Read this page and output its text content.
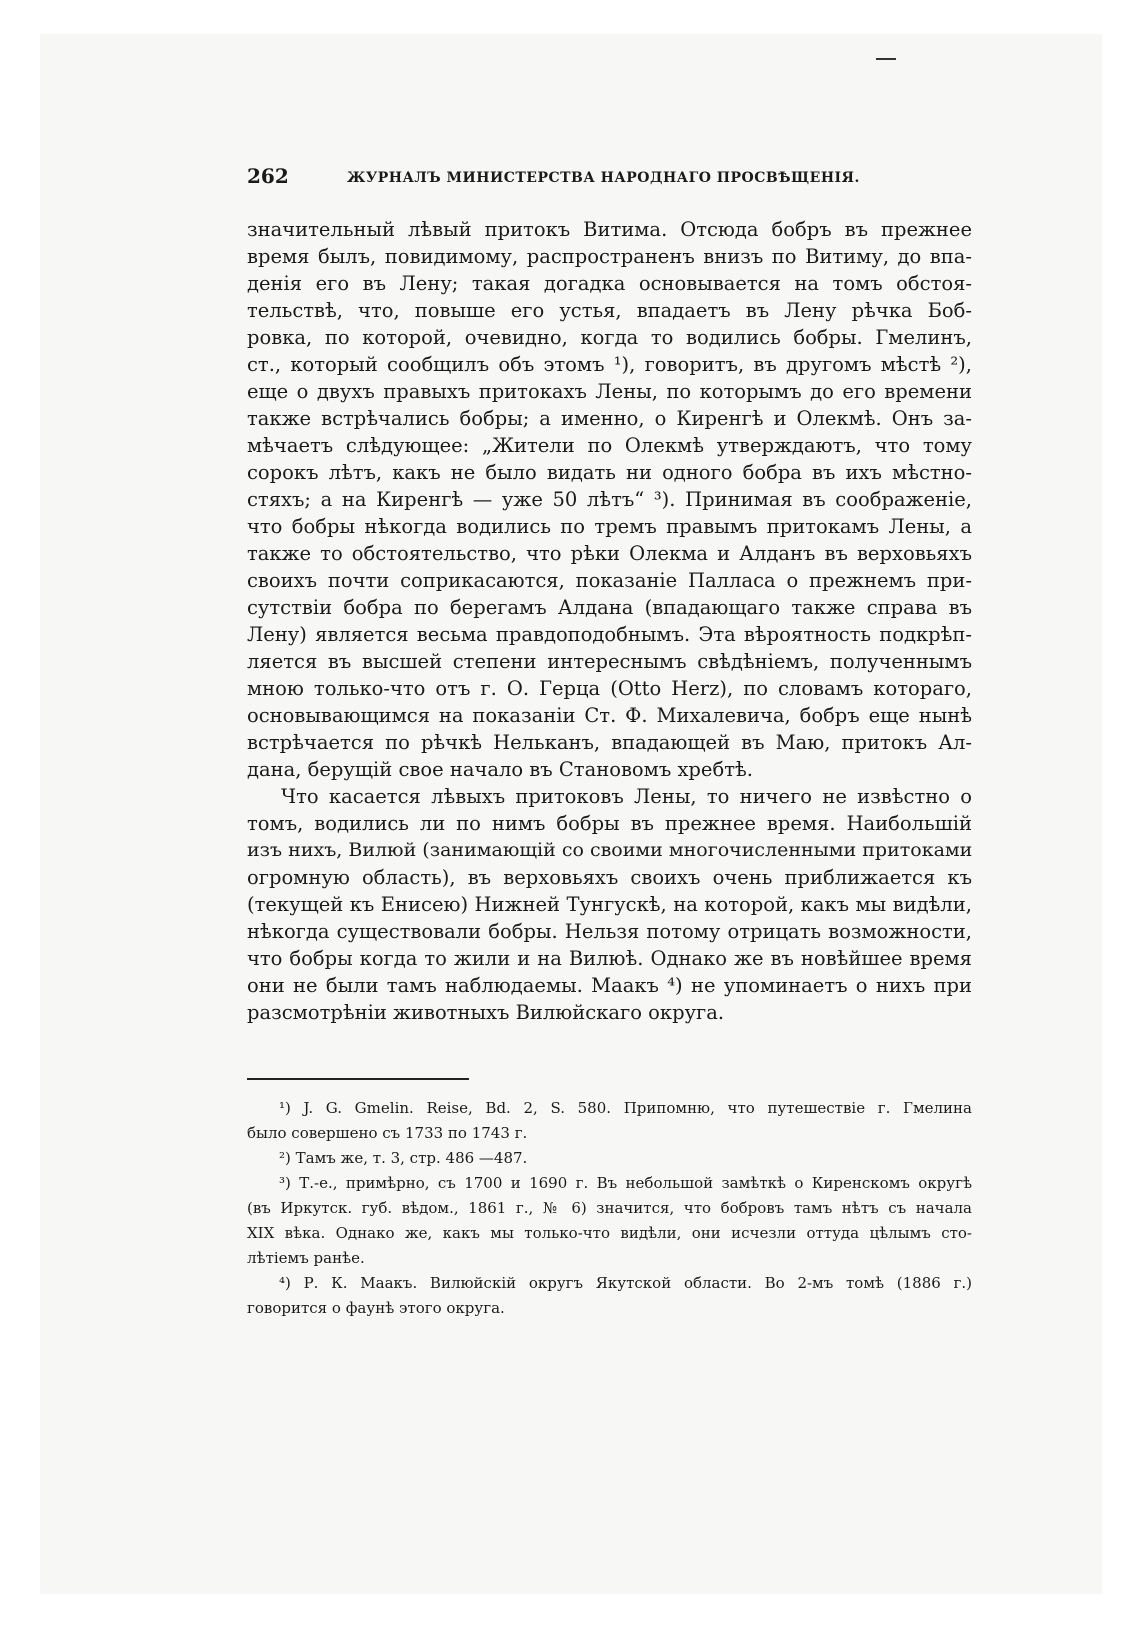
262	ЖУРНАЛЪ МИНИСТЕРСТВА НАРОДНАГО ПРОСВѢЩЕНІЯ.
значительный лѣвый притокъ Витима. Отсюда бобръ въ прежнее
время былъ, повидимому, распространенъ внизъ по Витиму, до впа-
денія его въ Лену; такая догадка основывается на томъ обстоя-
тельствѣ, что, повыше его устья, впадаетъ въ Лену рѣчка Боб-
ровка, по которой, очевидно, когда то водились бобры. Гмелинъ,
ст., который сообщилъ объ этомъ ¹), говоритъ, въ другомъ мѣстѣ ²),
еще о двухъ правыхъ притокахъ Лены, по которымъ до его времени
также встрѣчались бобры; а именно, о Киренгѣ и Олекмѣ. Онъ за-
мѣчаетъ слѣдующее: „Жители по Олекмѣ утверждаютъ, что тому
сорокъ лѣтъ, какъ не было видать ни одного бобра въ ихъ мѣстно-
стяхъ; а на Киренгѣ — уже 50 лѣтъ“ ³). Принимая въ соображеніе,
что бобры нѣкогда водились по тремъ правымъ притокамъ Лены, а
также то обстоятельство, что рѣки Олекма и Алданъ въ верховьяхъ
своихъ почти соприкасаются, показаніе Палласа о прежнемъ при-
сутствіи бобра по берегамъ Алдана (впадающаго также справа въ
Лену) является весьма правдоподобнымъ. Эта вѣроятность подкрѣп-
ляется въ высшей степени интереснымъ свѣдѣніемъ, полученнымъ
мною только-что отъ г. О. Герца (Otto Herz), по словамъ котораго,
основывающимся на показаніи Ст. Ф. Михалевича, бобръ еще нынѣ
встрѣчается по рѣчкѣ Нельканъ, впадающей въ Маю, притокъ Ал-
дана, берущій свое начало въ Становомъ хребтѣ.
Что касается лѣвыхъ притоковъ Лены, то ничего не извѣстно о
томъ, водились ли по нимъ бобры въ прежнее время. Наибольшій
изъ нихъ, Вилюй (занимающій со своими многочисленными притоками
огромную область), въ верховьяхъ своихъ очень приближается къ
(текущей къ Енисею) Нижней Тунгускѣ, на которой, какъ мы видѣли,
нѣкогда существовали бобры. Нельзя потому отрицать возможности,
что бобры когда то жили и на Вилюѣ. Однако же въ новѣйшее время
они не были тамъ наблюдаемы. Маакъ ⁴) не упоминаетъ о нихъ при
разсмотрѣніи животныхъ Вилюйскаго округа.
¹) J. G. Gmelin. Reise, Bd. 2, S. 580. Припомню, что путешествіе г. Гмелина
было совершено съ 1733 по 1743 г.
²) Тамъ же, т. 3, стр. 486 —487.
³) Т.-е., примѣрно, съ 1700 и 1690 г. Въ небольшой замѣткѣ о Киренскомъ округѣ
(въ Иркутск. губ. вѣдом., 1861 г., № 6) значится, что бобровъ тамъ нѣтъ съ начала
XIX вѣка. Однако же, какъ мы только-что видѣли, они исчезли оттуда цѣлымъ сто-
лѣтіемъ ранѣе.
⁴) Р. К. Маакъ. Вилюйскій округъ Якутской области. Во 2-мъ томѣ (1886 г.)
говорится о фаунѣ этого округа.
